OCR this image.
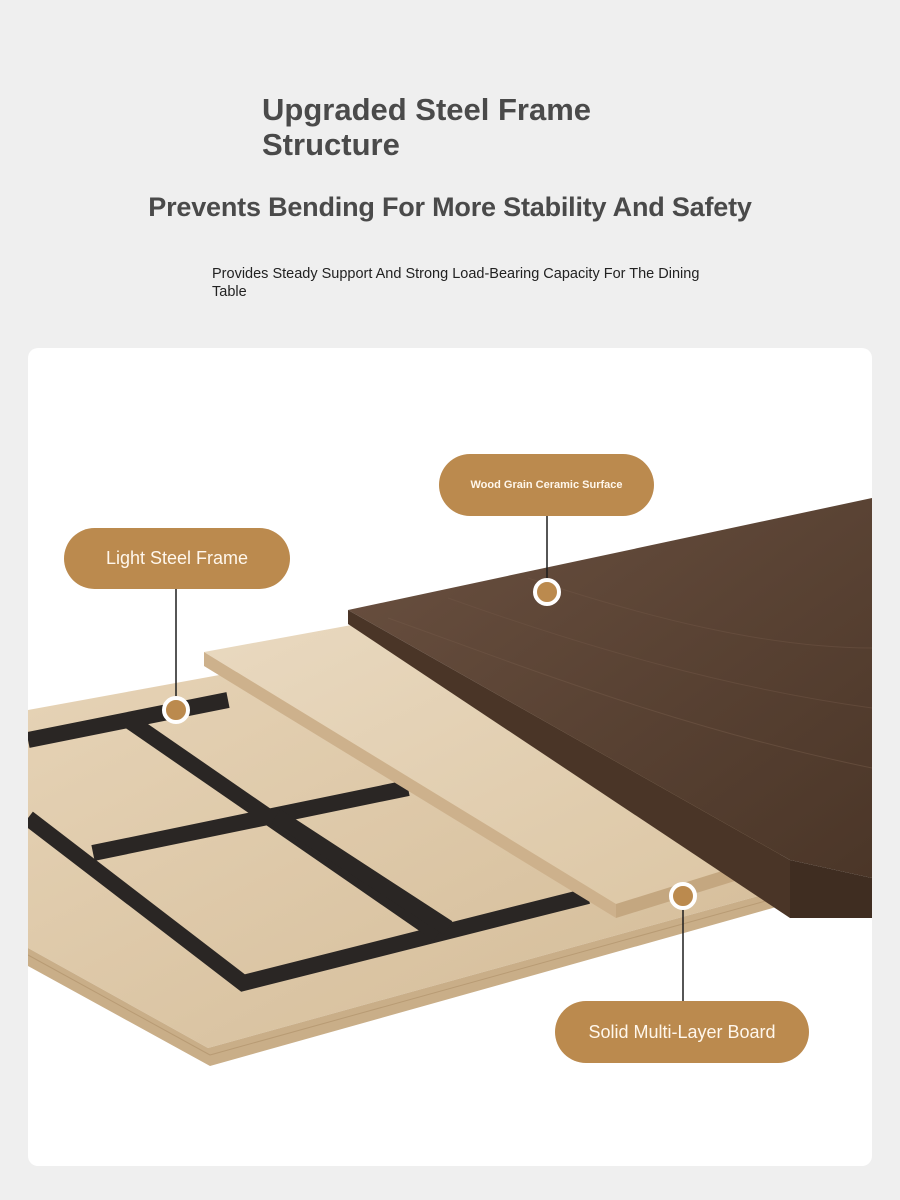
Upgraded Steel Frame Structure
Prevents Bending For More Stability And Safety

Provides Steady Support And Strong Load-Bearing Capacity For The Dining Table

Light Steel Frame
Wood Grain Ceramic Surface
Solid Multi-Layer Board
